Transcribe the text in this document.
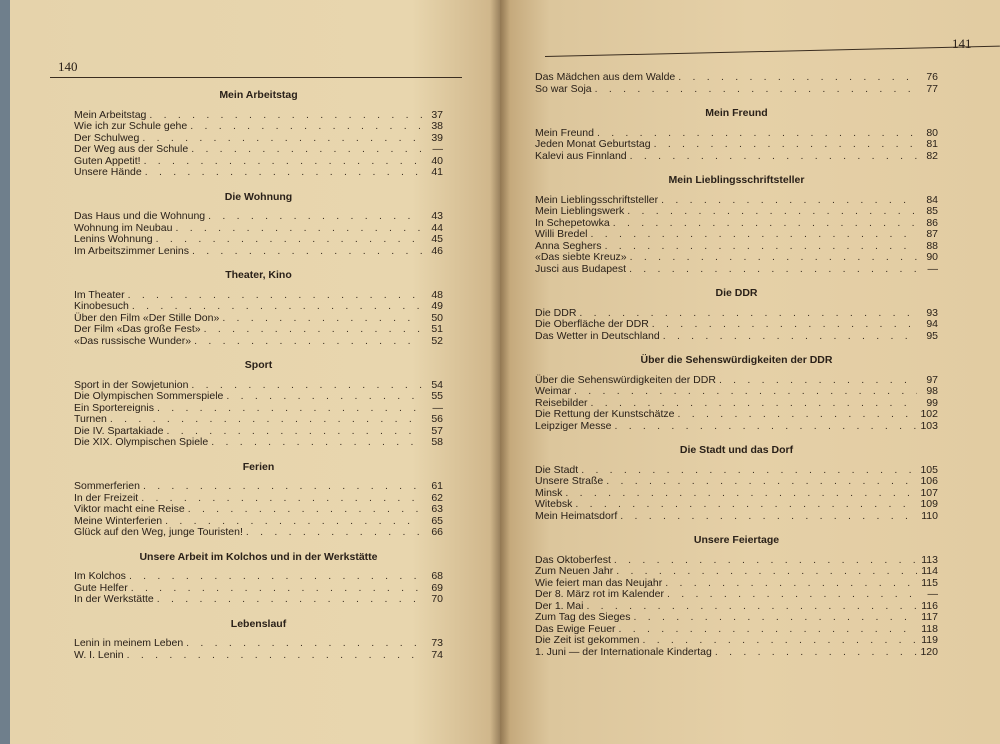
140
Mein Arbeitstag
Mein Arbeitstag . . .	37
Wie ich zur Schule gehe . . .	38
Der Schulweg . . .	39
Der Weg aus der Schule . . .	—
Guten Appetit! . . .	40
Unsere Hände . . .	41
Die Wohnung
Das Haus und die Wohnung . . .	43
Wohnung im Neubau . . .	44
Lenins Wohnung . . .	45
Im Arbeitszimmer Lenins . . .	46
Theater, Kino
Im Theater . . .	48
Kinobesuch . . .	49
Über den Film «Der Stille Don» . . .	50
Der Film «Das große Fest» . . .	51
«Das russische Wunder» . . .	52
Sport
Sport in der Sowjetunion . . .	54
Die Olympischen Sommerspiele . . .	55
Ein Sportereignis . . .	—
Turnen . . .	56
Die IV. Spartakiade . . .	57
Die XIX. Olympischen Spiele . . .	58
Ferien
Sommerferien . . .	61
In der Freizeit . . .	62
Viktor macht eine Reise . . .	63
Meine Winterferien . . .	65
Glück auf den Weg, junge Touristen! . . .	66
Unsere Arbeit im Kolchos und in der Werkstätte
Im Kolchos . . .	68
Gute Helfer . . .	69
In der Werkstätte . . .	70
Lebenslauf
Lenin in meinem Leben . . .	73
W. I. Lenin . . .	74
141
Das Mädchen aus dem Walde . . .	76
So war Soja . . .	77
Mein Freund
Mein Freund . . .	80
Jeden Monat Geburtstag . . .	81
Kalevi aus Finnland . . .	82
Mein Lieblingsschriftsteller
Mein Lieblingsschriftsteller . . .	84
Mein Lieblingswerk . . .	85
In Schepetowka . . .	86
Willi Bredel . . .	87
Anna Seghers . . .	88
«Das siebte Kreuz» . . .	90
Jusci aus Budapest . . .	—
Die DDR
Die DDR . . .	93
Die Oberfläche der DDR . . .	94
Das Wetter in Deutschland . . .	95
Über die Sehenswürdigkeiten der DDR
Über die Sehenswürdigkeiten der DDR . . .	97
Weimar . . .	98
Reisebilder . . .	99
Die Rettung der Kunstschätze . . .	102
Leipziger Messe . . .	103
Die Stadt und das Dorf
Die Stadt . . .	105
Unsere Straße . . .	106
Minsk . . .	107
Witebsk . . .	109
Mein Heimatsdorf . . .	110
Unsere Feiertage
Das Oktoberfest . . .	113
Zum Neuen Jahr . . .	114
Wie feiert man das Neujahr . . .	115
Der 8. März rot im Kalender . . .	—
Der 1. Mai . . .	116
Zum Tag des Sieges . . .	117
Das Ewige Feuer . . .	118
Die Zeit ist gekommen . . .	119
1. Juni — der Internationale Kindertag . . .	120
